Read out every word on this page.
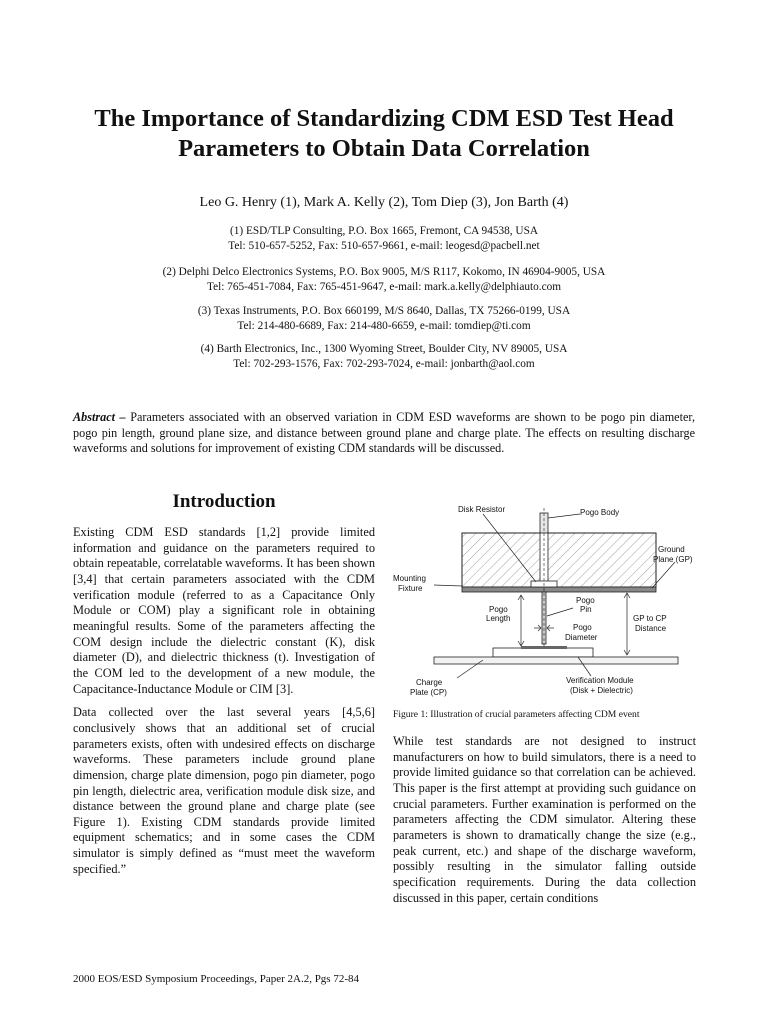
The Importance of Standardizing CDM ESD Test Head Parameters to Obtain Data Correlation
Leo G. Henry (1), Mark A. Kelly (2), Tom Diep (3), Jon Barth (4)
(1) ESD/TLP Consulting, P.O. Box 1665, Fremont, CA 94538, USA
Tel: 510-657-5252, Fax: 510-657-9661, e-mail: leogesd@pacbell.net
(2) Delphi Delco Electronics Systems, P.O. Box 9005, M/S R117, Kokomo, IN 46904-9005, USA
Tel: 765-451-7084, Fax: 765-451-9647, e-mail: mark.a.kelly@delphiauto.com
(3) Texas Instruments, P.O. Box 660199, M/S 8640, Dallas, TX 75266-0199, USA
Tel: 214-480-6689, Fax: 214-480-6659, e-mail: tomdiep@ti.com
(4) Barth Electronics, Inc., 1300 Wyoming Street, Boulder City, NV 89005, USA
Tel: 702-293-1576, Fax: 702-293-7024, e-mail: jonbarth@aol.com
Abstract – Parameters associated with an observed variation in CDM ESD waveforms are shown to be pogo pin diameter, pogo pin length, ground plane size, and distance between ground plane and charge plate. The effects on resulting discharge waveforms and solutions for improvement of existing CDM standards will be discussed.
Introduction

Existing CDM ESD standards [1,2] provide limited information and guidance on the parameters required to obtain repeatable, correlatable waveforms. It has been shown [3,4] that certain parameters associated with the CDM verification module (referred to as a Capacitance Only Module or COM) play a significant role in obtaining meaningful results. Some of the parameters affecting the COM design include the dielectric constant (K), disk diameter (D), and dielectric thickness (t). Investigation of the COM led to the development of a new module, the Capacitance-Inductance Module or CIM [3].

Data collected over the last several years [4,5,6] conclusively shows that an additional set of crucial parameters exists, often with undesired effects on discharge waveforms. These parameters include ground plane dimension, charge plate dimension, pogo pin diameter, pogo pin length, dielectric area, verification module disk size, and distance between the ground plane and charge plate (see Figure 1). Existing CDM standards provide limited equipment schematics; and in some cases the CDM simulator is simply defined as “must meet the waveform specified.”

Disk Resistor	Pogo Body
Ground
Plane (GP)
Mounting
Fixture
Pogo
Pin
Pogo
Length	GP to CP
Distance
Pogo
Diameter
Charge
Plate (CP)
Verification Module
(Disk + Dielectric)
Figure 1: Illustration of crucial parameters affecting CDM event

While test standards are not designed to instruct manufacturers on how to build simulators, there is a need to provide limited guidance so that correlation can be achieved. This paper is the first attempt at providing such guidance on crucial parameters. Further examination is performed on the parameters affecting the CDM simulator. Altering these parameters is shown to dramatically change the size (e.g., peak current, etc.) and shape of the discharge waveform, possibly resulting in the simulator falling outside specification requirements. During the data collection discussed in this paper, certain conditions

2000 EOS/ESD Symposium Proceedings, Paper 2A.2, Pgs 72-84
